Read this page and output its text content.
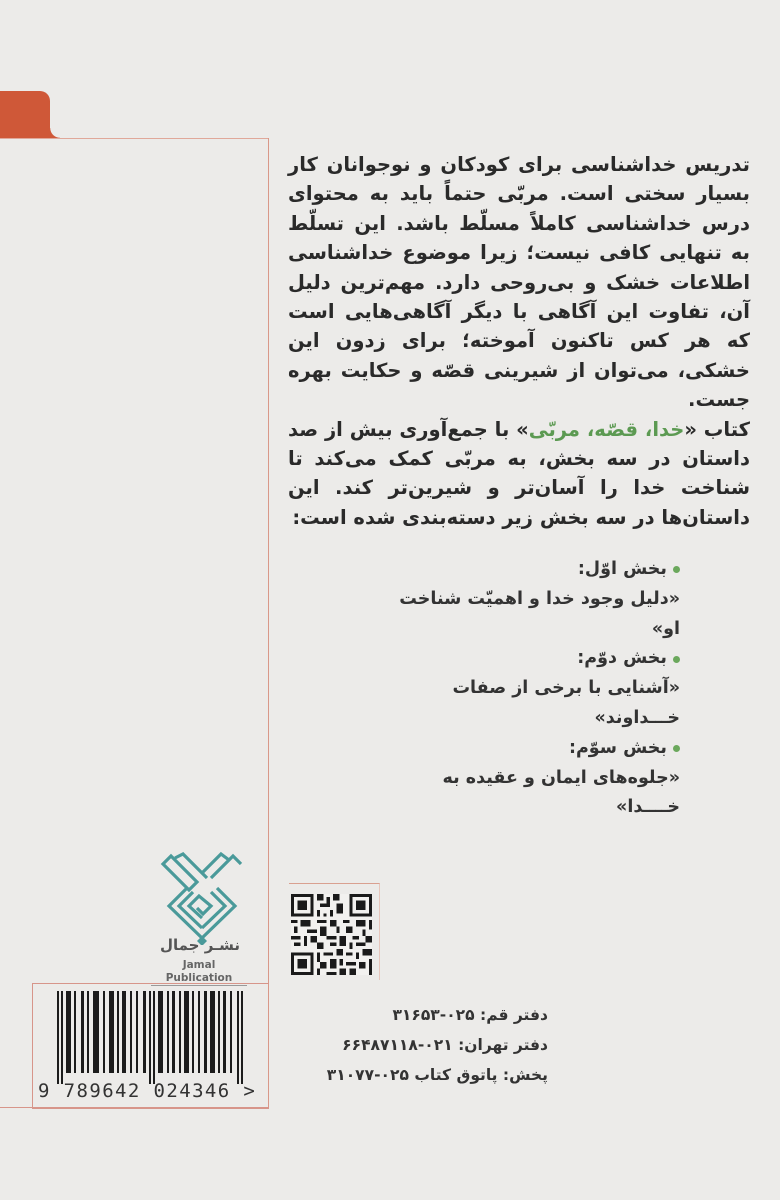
تدریس خداشناسی برای کودکان و نوجوانان کار بسیار سختی است. مربّی حتماً باید به محتوای درس خداشناسی کاملاً مسلّط باشد. این تسلّط به تنهایی کافی نیست؛ زیرا موضوع خداشناسی اطلاعات خشک و بی‌روحی دارد. مهم‌ترین دلیل آن، تفاوت این آگاهی با دیگر آگاهی‌هایی است که هر کس تاکنون آموخته؛ برای زدون این خشکی، می‌توان از شیرینی قصّه و حکایت بهره جست.

کتاب «خدا، قصّه، مربّی» با جمع‌آوری بیش از صد داستان در سه بخش، به مربّی کمک می‌کند تا شناخت خدا را آسان‌تر و شیرین‌تر کند. این داستان‌ها در سه بخش زیر دسته‌بندی شده است:

بخش اوّل:
«دلیل وجود خدا و اهمیّت شناخت او»
بخش دوّم:
«آشنایی با برخی از صفات خـــداوند»
بخش سوّم:
«جلوه‌های ایمان و عقیده به خــــدا»
نشـر جمال
Jamal Publication
9 789642 024346 >
دفتر قم: ۰۲۵-۳۱۶۵۳
دفتر تهران: ۰۲۱-۶۶۴۸۷۱۱۸
پخش: پاتوق کتاب ۰۲۵-۳۱۰۷۷
